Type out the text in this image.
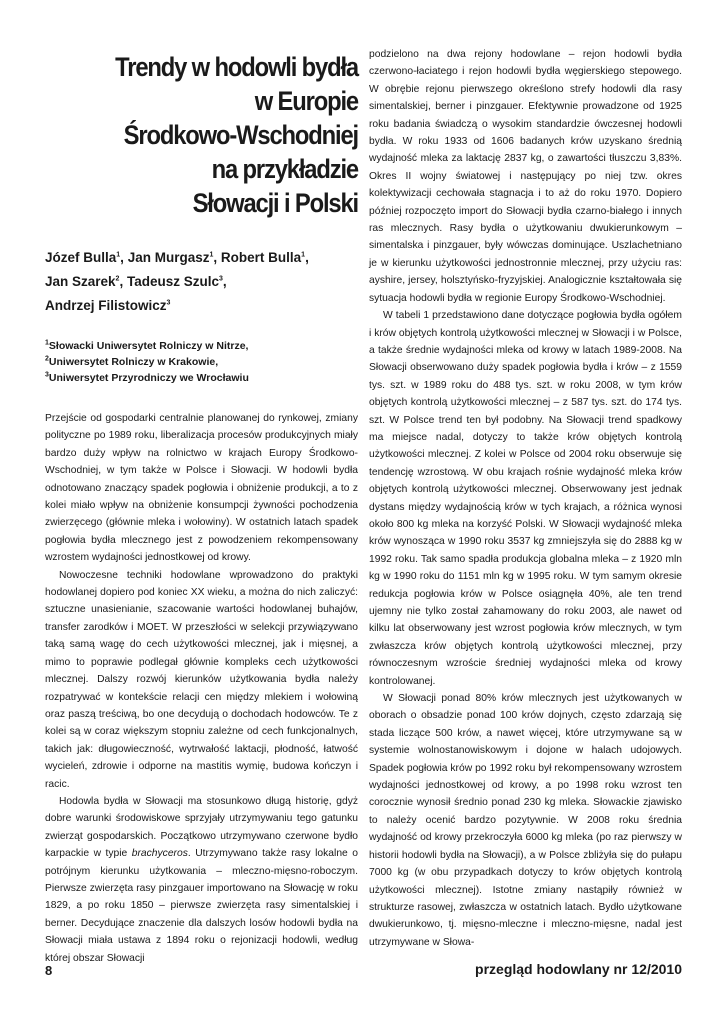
Trendy w hodowli bydła
w Europie
Środkowo-Wschodniej
na przykładzie
Słowacji i Polski
Józef Bulla$^1$, Jan Murgasz$^1$, Robert Bulla$^1$,
Jan Szarek$^2$, Tadeusz Szulc$^3$,
Andrzej Filistowicz$^3$
$^1$Słowacki Uniwersytet Rolniczy w Nitrze,
$^2$Uniwersytet Rolniczy w Krakowie,
$^3$Uniwersytet Przyrodniczy we Wrocławiu

Przejście od gospodarki centralnie planowanej do rynkowej, zmiany polityczne po 1989 roku, liberalizacja procesów produkcyjnych miały bardzo duży wpływ na rolnictwo w krajach Europy Środkowo-Wschodniej, w tym także w Polsce i Słowacji. W hodowli bydła odnotowano znaczący spadek pogłowia i obniżenie produkcji, a to z kolei miało wpływ na obniżenie konsumpcji żywności pochodzenia zwierzęcego (głównie mleka i wołowiny). W ostatnich latach spadek pogłowia bydła mlecznego jest z powodzeniem rekompensowany wzrostem wydajności jednostkowej od krowy.

Nowoczesne techniki hodowlane wprowadzono do praktyki hodowlanej dopiero pod koniec XX wieku, a można do nich zaliczyć: sztuczne unasienianie, szacowanie wartości hodowlanej buhajów, transfer zarodków i MOET. W przeszłości w selekcji przywiązywano taką samą wagę do cech użytkowości mlecznej, jak i mięsnej, a mimo to poprawie podlegał głównie kompleks cech użytkowości mlecznej. Dalszy rozwój kierunków użytkowania bydła należy rozpatrywać w kontekście relacji cen między mlekiem i wołowiną oraz paszą treściwą, bo one decydują o dochodach hodowców. Te z kolei są w coraz większym stopniu zależne od cech funkcjonalnych, takich jak: długowieczność, wytrwałość laktacji, płodność, łatwość wycieleń, zdrowie i odporne na mastitis wymię, budowa kończyn i racic.

Hodowla bydła w Słowacji ma stosunkowo długą historię, gdyż dobre warunki środowiskowe sprzyjały utrzymywaniu tego gatunku zwierząt gospodarskich. Początkowo utrzymywano czerwone bydło karpackie w typie brachyceros. Utrzymywano także rasy lokalne o potrójnym kierunku użytkowania – mleczno-mięsno-roboczym. Pierwsze zwierzęta rasy pinzgauer importowano na Słowację w roku 1829, a po roku 1850 – pierwsze zwierzęta rasy simentalskiej i berner. Decydujące znaczenie dla dalszych losów hodowli bydła na Słowacji miała ustawa z 1894 roku o rejonizacji hodowli, według której obszar Słowacji

podzielono na dwa rejony hodowlane – rejon hodowli bydła czerwono-łaciatego i rejon hodowli bydła węgierskiego stepowego. W obrębie rejonu pierwszego określono strefy hodowli dla rasy simentalskiej, berner i pinzgauer. Efektywnie prowadzone od 1925 roku badania świadczą o wysokim standardzie ówczesnej hodowli bydła. W roku 1933 od 1606 badanych krów uzyskano średnią wydajność mleka za laktację 2837 kg, o zawartości tłuszczu 3,83%. Okres II wojny światowej i następujący po niej tzw. okres kolektywizacji cechowała stagnacja i to aż do roku 1970. Dopiero później rozpoczęto import do Słowacji bydła czarno-białego i innych ras mlecznych. Rasy bydła o użytkowaniu dwukierunkowym – simentalska i pinzgauer, były wówczas dominujące. Uszlachetniano je w kierunku użytkowości jednostronnie mlecznej, przy użyciu ras: ayshire, jersey, holsztyńsko-fryzyjskiej. Analogicznie kształtowała się sytuacja hodowli bydła w regionie Europy Środkowo-Wschodniej.

W tabeli 1 przedstawiono dane dotyczące pogłowia bydła ogółem i krów objętych kontrolą użytkowości mlecznej w Słowacji i w Polsce, a także średnie wydajności mleka od krowy w latach 1989-2008. Na Słowacji obserwowano duży spadek pogłowia bydła i krów – z 1559 tys. szt. w 1989 roku do 488 tys. szt. w roku 2008, w tym krów objętych kontrolą użytkowości mlecznej – z 587 tys. szt. do 174 tys. szt. W Polsce trend ten był podobny. Na Słowacji trend spadkowy ma miejsce nadal, dotyczy to także krów objętych kontrolą użytkowości mlecznej. Z kolei w Polsce od 2004 roku obserwuje się tendencję wzrostową. W obu krajach rośnie wydajność mleka krów objętych kontrolą użytkowości mlecznej. Obserwowany jest jednak dystans między wydajnością krów w tych krajach, a różnica wynosi około 800 kg mleka na korzyść Polski. W Słowacji wydajność mleka krów wynosząca w 1990 roku 3537 kg zmniejszyła się do 2888 kg w 1992 roku. Tak samo spadła produkcja globalna mleka – z 1920 mln kg w 1990 roku do 1151 mln kg w 1995 roku. W tym samym okresie redukcja pogłowia krów w Polsce osiągnęła 40%, ale ten trend ujemny nie tylko został zahamowany do roku 2003, ale nawet od kilku lat obserwowany jest wzrost pogłowia krów mlecznych, w tym zwłaszcza krów objętych kontrolą użytkowości mlecznej, przy równoczesnym wzroście średniej wydajności mleka od krowy kontrolowanej.

W Słowacji ponad 80% krów mlecznych jest użytkowanych w oborach o obsadzie ponad 100 krów dojnych, często zdarzają się stada liczące 500 krów, a nawet więcej, które utrzymywane są w systemie wolnostanowiskowym i dojone w halach udojowych. Spadek pogłowia krów po 1992 roku był rekompensowany wzrostem wydajności jednostkowej od krowy, a po 1998 roku wzrost ten corocznie wynosił średnio ponad 230 kg mleka. Słowackie zjawisko to należy ocenić bardzo pozytywnie. W 2008 roku średnia wydajność od krowy przekroczyła 6000 kg mleka (po raz pierwszy w historii hodowli bydła na Słowacji), a w Polsce zbliżyła się do pułapu 7000 kg (w obu przypadkach dotyczy to krów objętych kontrolą użytkowości mlecznej). Istotne zmiany nastąpiły również w strukturze rasowej, zwłaszcza w ostatnich latach. Bydło użytkowane dwukierunkowo, tj. mięsno-mleczne i mleczno-mięsne, nadal jest utrzymywane w Słowa-

8	przegląd hodowlany nr 12/2010
